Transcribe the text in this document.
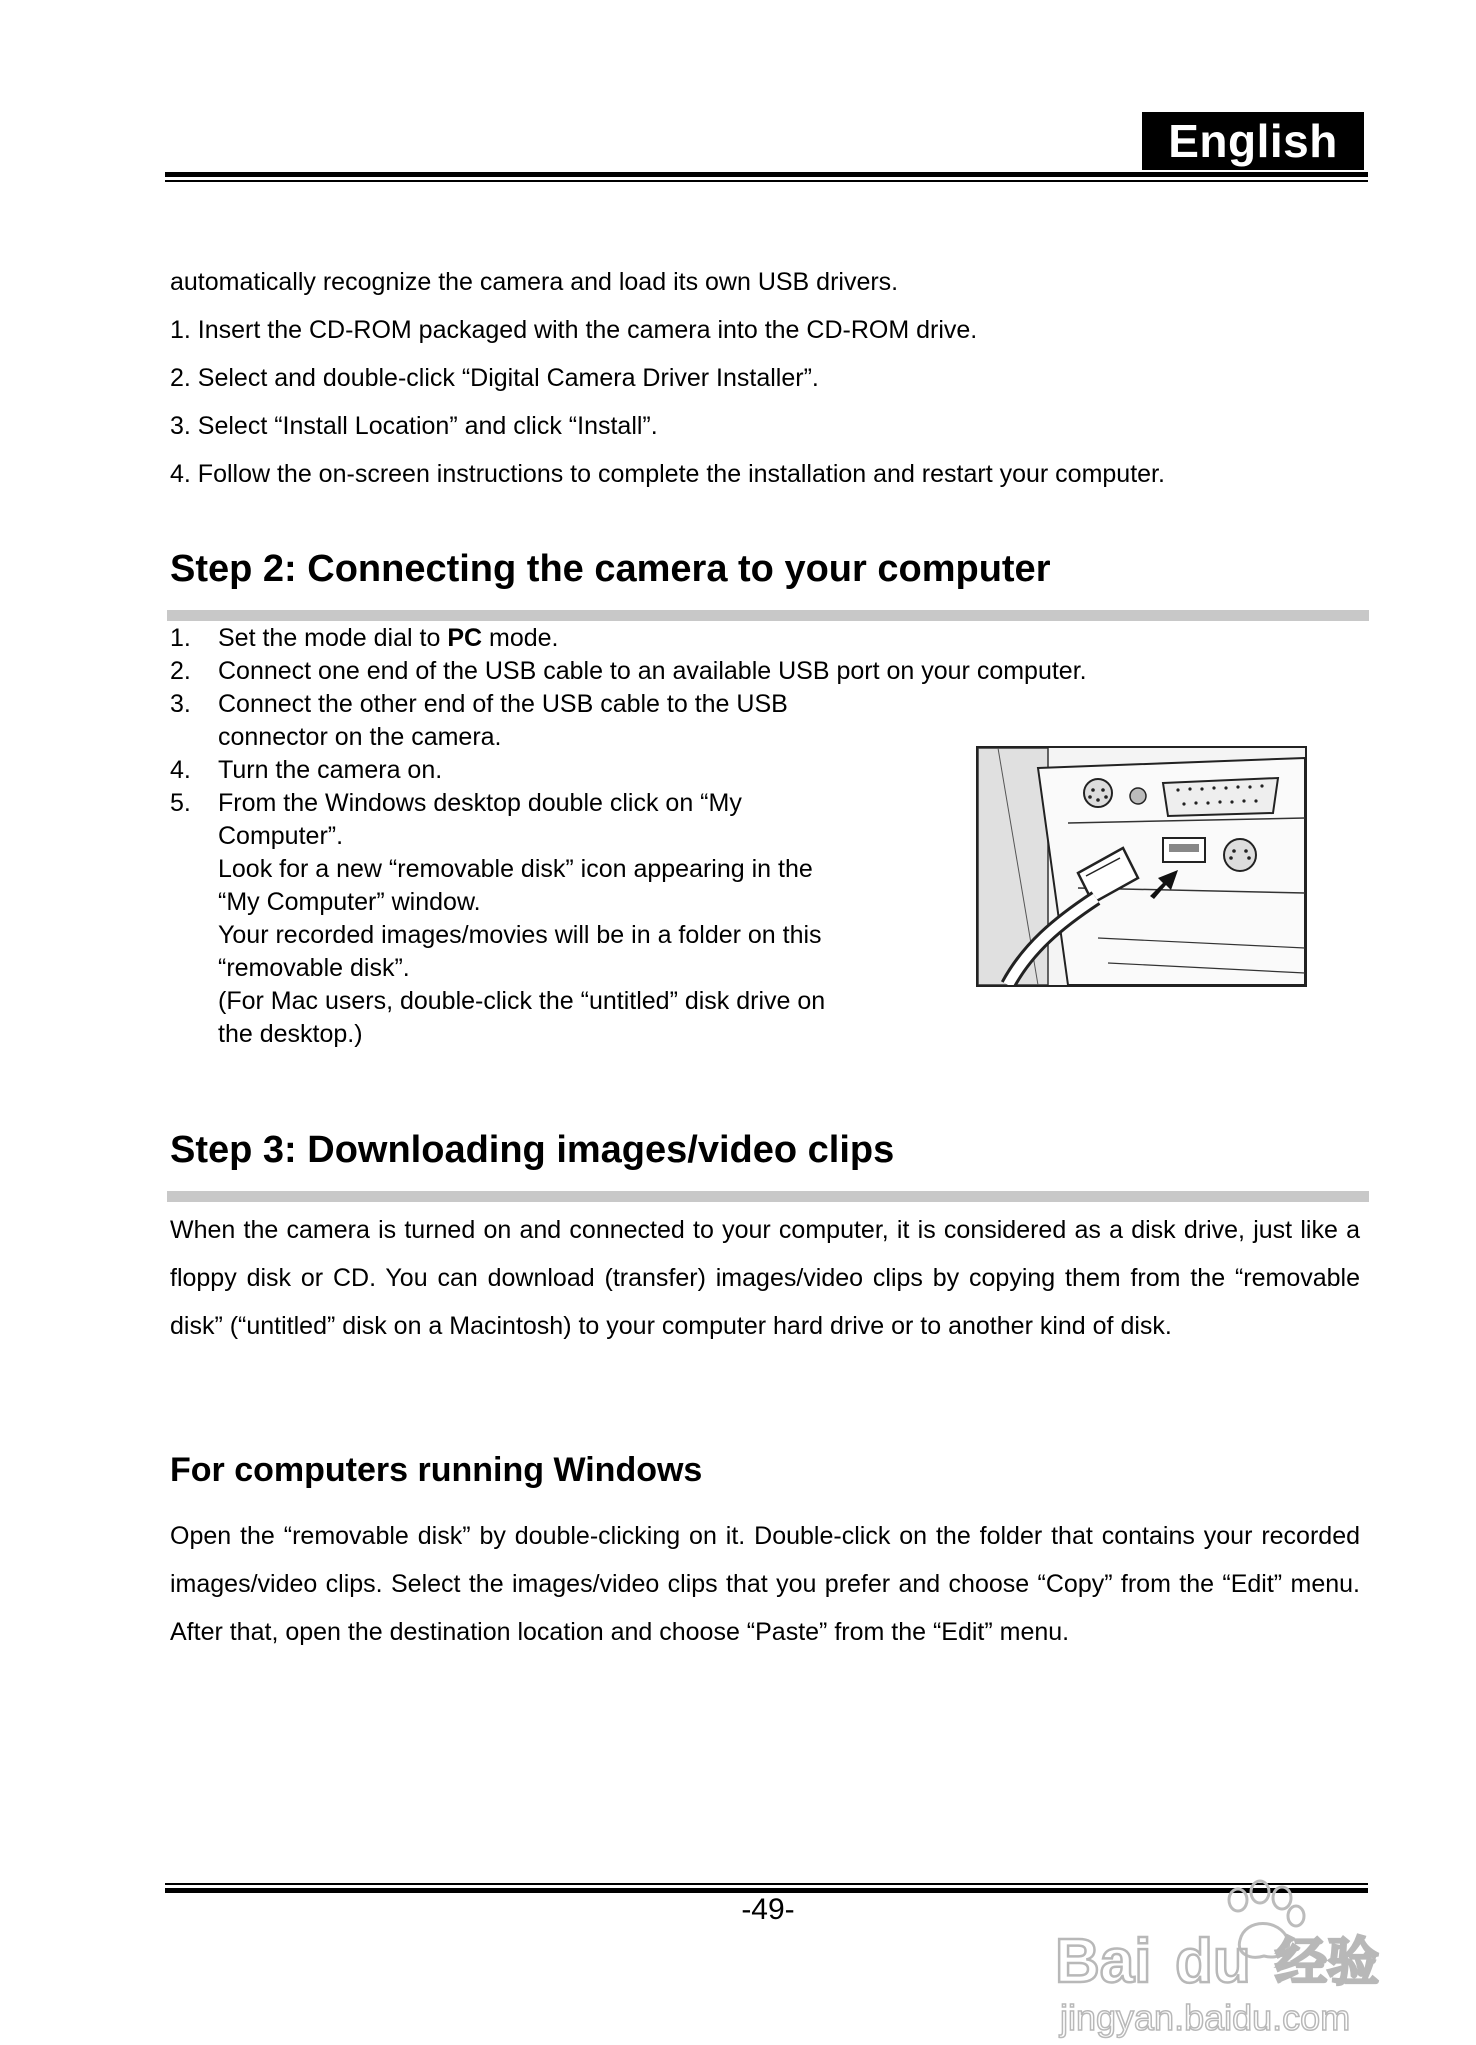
English
automatically recognize the camera and load its own USB drivers.
1. Insert the CD-ROM packaged with the camera into the CD-ROM drive.
2. Select and double-click “Digital Camera Driver Installer”.
3. Select “Install Location” and click “Install”.
4. Follow the on-screen instructions to complete the installation and restart your computer.
Step 2: Connecting the camera to your computer
1.	Set the mode dial to PC mode.
2.	Connect one end of the USB cable to an available USB port on your computer.
3.	Connect the other end of the USB cable to the USB
connector on the camera.
4.	Turn the camera on.
5.	From the Windows desktop double click on “My
Computer”.
Look for a new “removable disk” icon appearing in the
“My Computer” window.
Your recorded images/movies will be in a folder on this
“removable disk”.
(For Mac users, double-click the “untitled” disk drive on
the desktop.)
Step 3: Downloading images/video clips
When the camera is turned on and connected to your computer, it is considered as a disk drive, just like a floppy disk or CD. You can download (transfer) images/video clips by copying them from the “removable disk” (“untitled” disk on a Macintosh) to your computer hard drive or to another kind of disk.
For computers running Windows
Open the “removable disk” by double-clicking on it. Double-click on the folder that contains your recorded images/video clips. Select the images/video clips that you prefer and choose “Copy” from the “Edit” menu. After that, open the destination location and choose “Paste” from the “Edit” menu.
-49-
Bai du 经验
jingyan.baidu.com
